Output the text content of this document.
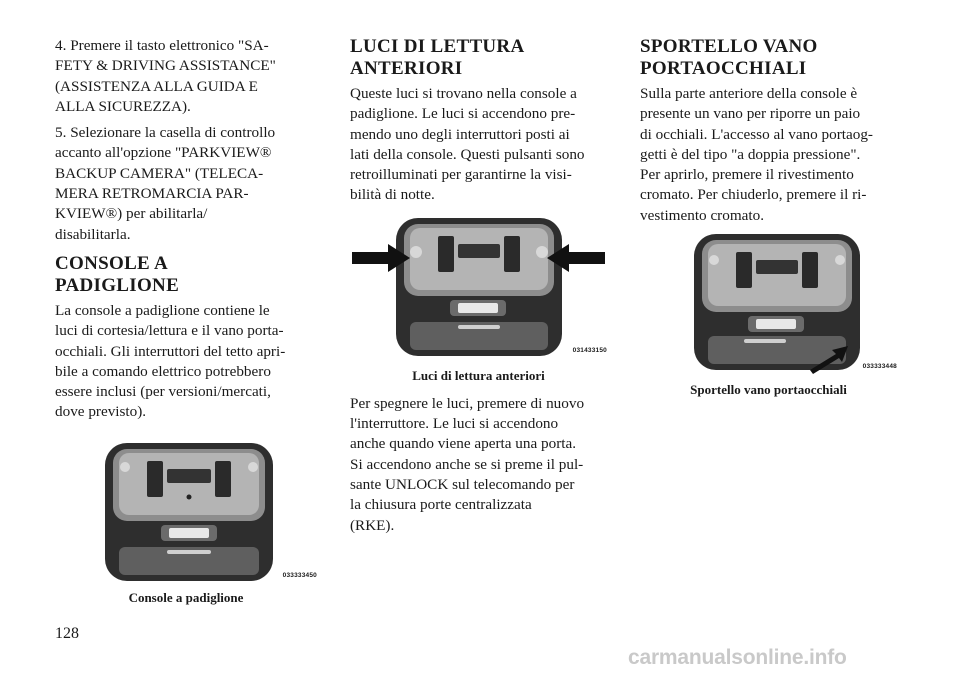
4. Premere il tasto elettronico "SA-
FETY & DRIVING ASSISTANCE"
(ASSISTENZA ALLA GUIDA E
ALLA SICUREZZA).

5. Selezionare la casella di controllo
accanto all'opzione "PARKVIEW®
BACKUP CAMERA" (TELECA-
MERA RETROMARCIA PAR-
KVIEW®) per abilitarla/
disabilitarla.

CONSOLE A
PADIGLIONE

La console a padiglione contiene le
luci di cortesia/lettura e il vano porta-
occhiali. Gli interruttori del tetto apri-
bile a comando elettrico potrebbero
essere inclusi (per versioni/mercati,
dove previsto).

033333450
Console a padiglione
LUCI DI LETTURA
ANTERIORI

Queste luci si trovano nella console a
padiglione. Le luci si accendono pre-
mendo uno degli interruttori posti ai
lati della console. Questi pulsanti sono
retroilluminati per garantirne la visi-
bilità di notte.

031433150
Luci di lettura anteriori

Per spegnere le luci, premere di nuovo
l'interruttore. Le luci si accendono
anche quando viene aperta una porta.
Si accendono anche se si preme il pul-
sante UNLOCK sul telecomando per
la chiusura porte centralizzata
(RKE).

SPORTELLO VANO
PORTAOCCHIALI

Sulla parte anteriore della console è
presente un vano per riporre un paio
di occhiali. L'accesso al vano portaog-
getti è del tipo "a doppia pressione".
Per aprirlo, premere il rivestimento
cromato. Per chiuderlo, premere il ri-
vestimento cromato.

033333448
Sportello vano portaocchiali
128
carmanualsonline.info
